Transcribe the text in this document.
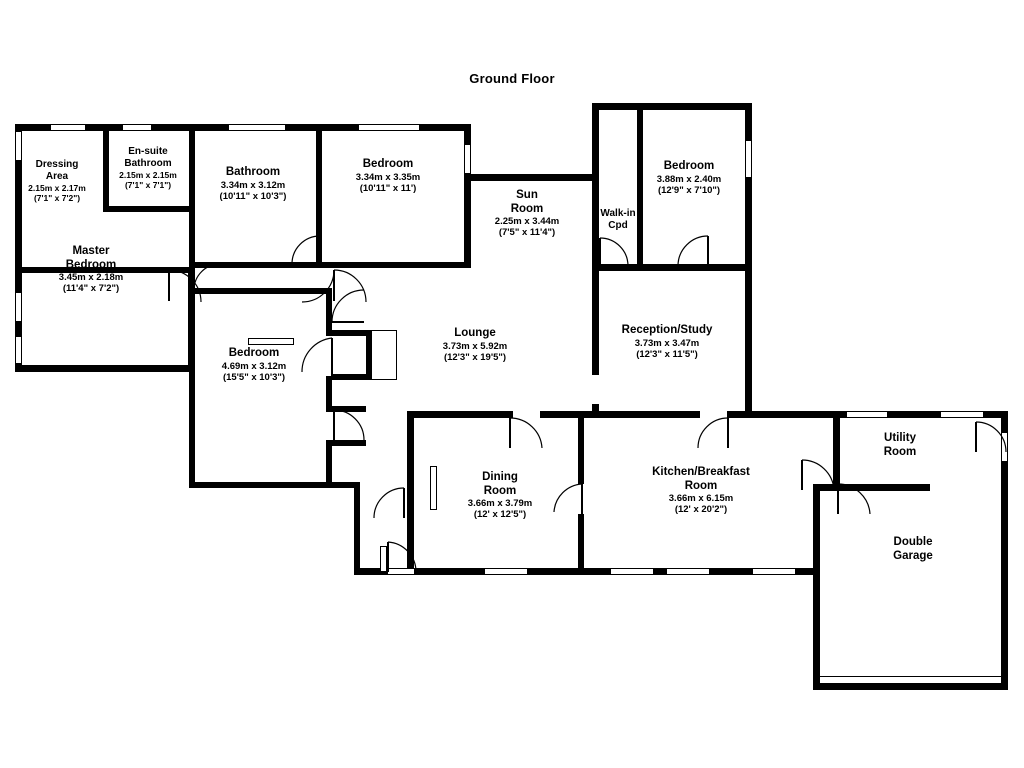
Ground Floor
Dressing
Area
2.15m x 2.17m
(7'1" x 7'2")
En-suite
Bathroom
2.15m x 2.15m
(7'1" x 7'1")
Bathroom
3.34m x 3.12m
(10'11" x 10'3")
Bedroom
3.34m x 3.35m
(10'11" x 11')
Sun
Room
2.25m x 3.44m
(7'5" x 11'4")
Walk-in
Cpd
Bedroom
3.88m x 2.40m
(12'9" x 7'10")
Master
Bedroom
3.45m x 2.18m
(11'4" x 7'2")
Bedroom
4.69m x 3.12m
(15'5" x 10'3")
Lounge
3.73m x 5.92m
(12'3" x 19'5")
Reception/Study
3.73m x 3.47m
(12'3" x 11'5")
Dining
Room
3.66m x 3.79m
(12' x 12'5")
Kitchen/Breakfast
Room
3.66m x 6.15m
(12' x 20'2")
Utility
Room
Double
Garage
